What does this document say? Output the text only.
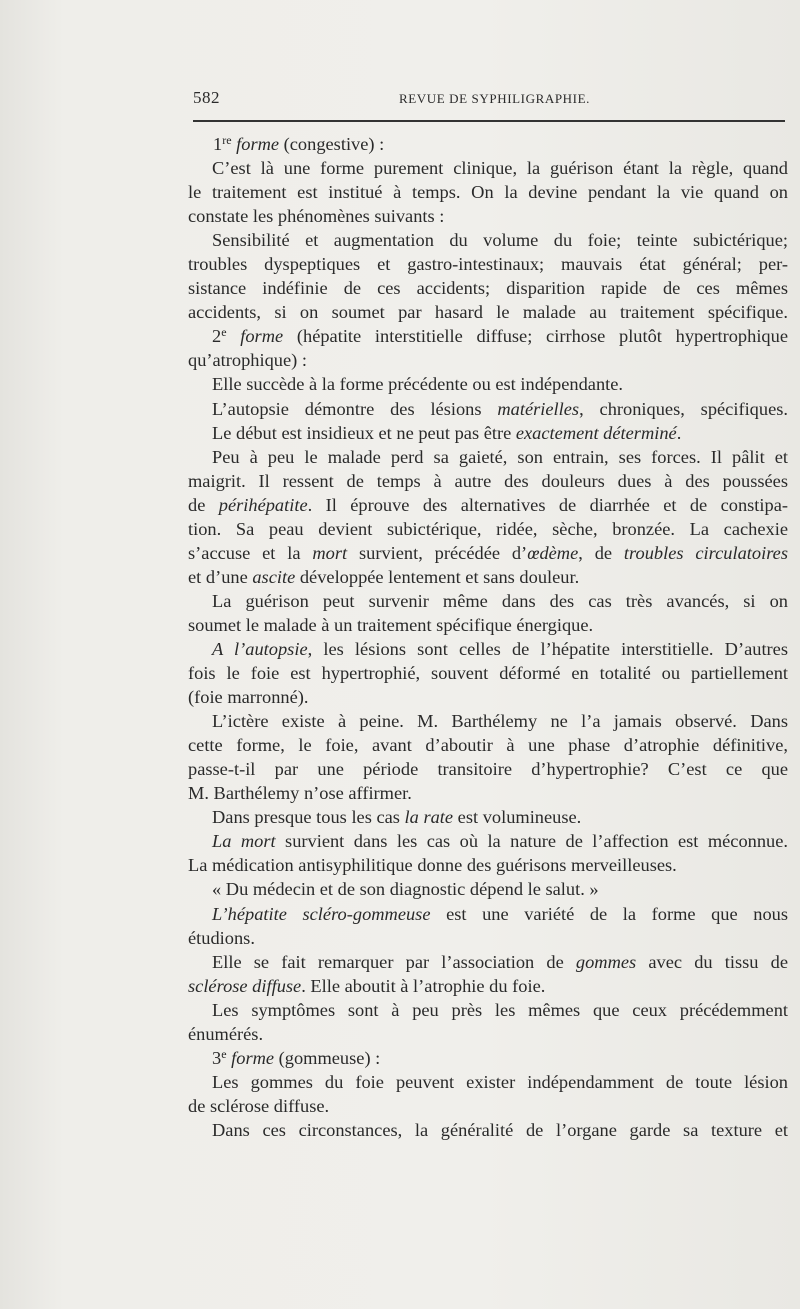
582	REVUE DE SYPHILIGRAPHIE.
1re forme (congestive) :
C’est là une forme purement clinique, la guérison étant la règle, quand
le traitement est institué à temps. On la devine pendant la vie quand on
constate les phénomènes suivants :
Sensibilité et augmentation du volume du foie; teinte subictérique;
troubles dyspeptiques et gastro-intestinaux; mauvais état général; per-
sistance indéfinie de ces accidents; disparition rapide de ces mêmes
accidents, si on soumet par hasard le malade au traitement spécifique.
2e forme (hépatite interstitielle diffuse; cirrhose plutôt hypertrophique
qu’atrophique) :
Elle succède à la forme précédente ou est indépendante.
L’autopsie démontre des lésions matérielles, chroniques, spécifiques.
Le début est insidieux et ne peut pas être exactement déterminé.
Peu à peu le malade perd sa gaieté, son entrain, ses forces. Il pâlit et
maigrit. Il ressent de temps à autre des douleurs dues à des poussées
de périhépatite. Il éprouve des alternatives de diarrhée et de constipa-
tion. Sa peau devient subictérique, ridée, sèche, bronzée. La cachexie
s’accuse et la mort survient, précédée d’œdème, de troubles circulatoires
et d’une ascite développée lentement et sans douleur.
La guérison peut survenir même dans des cas très avancés, si on
soumet le malade à un traitement spécifique énergique.
A l’autopsie, les lésions sont celles de l’hépatite interstitielle. D’autres
fois le foie est hypertrophié, souvent déformé en totalité ou partiellement
(foie marronné).
L’ictère existe à peine. M. Barthélemy ne l’a jamais observé. Dans
cette forme, le foie, avant d’aboutir à une phase d’atrophie définitive,
passe-t-il par une période transitoire d’hypertrophie? C’est ce que
M. Barthélemy n’ose affirmer.
Dans presque tous les cas la rate est volumineuse.
La mort survient dans les cas où la nature de l’affection est méconnue.
La médication antisyphilitique donne des guérisons merveilleuses.
« Du médecin et de son diagnostic dépend le salut. »
L’hépatite scléro-gommeuse est une variété de la forme que nous
étudions.
Elle se fait remarquer par l’association de gommes avec du tissu de
sclérose diffuse. Elle aboutit à l’atrophie du foie.
Les symptômes sont à peu près les mêmes que ceux précédemment
énumérés.
3e forme (gommeuse) :
Les gommes du foie peuvent exister indépendamment de toute lésion
de sclérose diffuse.
Dans ces circonstances, la généralité de l’organe garde sa texture et
